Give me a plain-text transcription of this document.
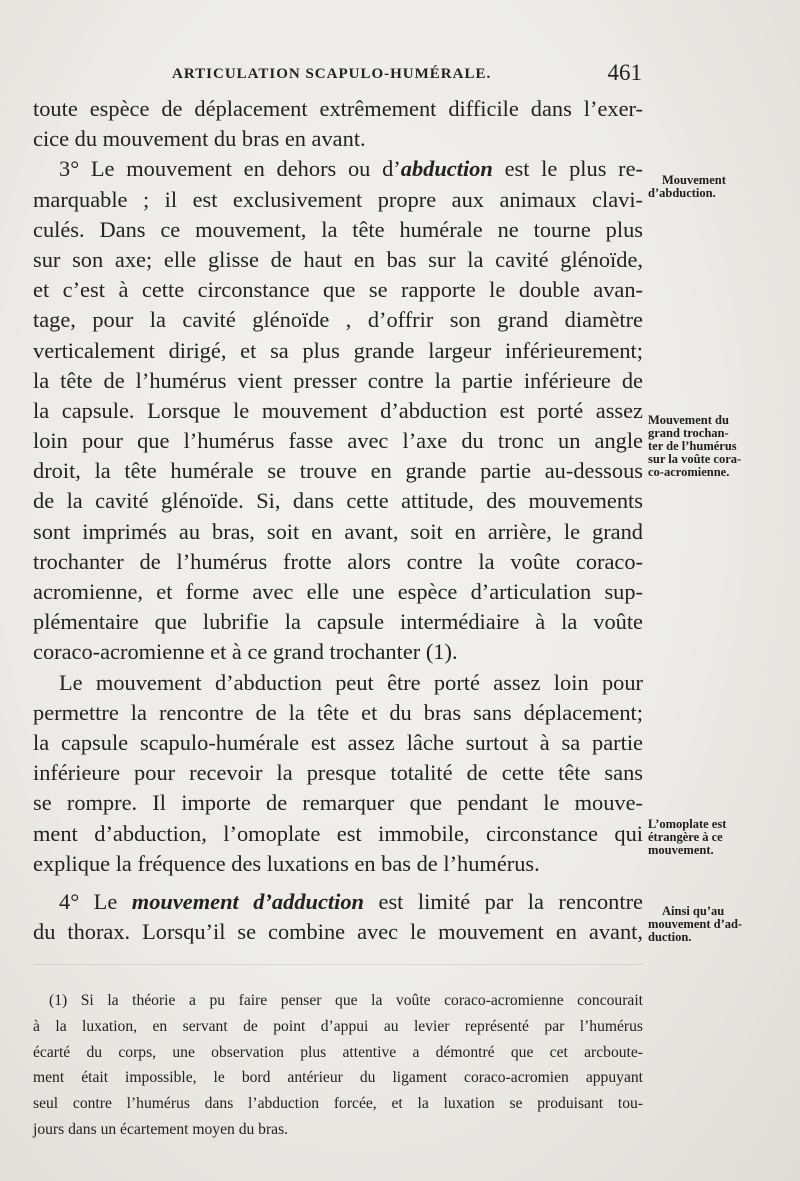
ARTICULATION SCAPULO-HUMÉRALE.	461
toute espèce de déplacement extrêmement difficile dans l’exer-
cice du mouvement du bras en avant.
3° Le mouvement en dehors ou d’abduction est le plus re-
marquable ; il est exclusivement propre aux animaux clavi-
culés. Dans ce mouvement, la tête humérale ne tourne plus
sur son axe; elle glisse de haut en bas sur la cavité glénoïde,
et c’est à cette circonstance que se rapporte le double avan-
tage, pour la cavité glénoïde , d’offrir son grand diamètre
verticalement dirigé, et sa plus grande largeur inférieurement;
la tête de l’humérus vient presser contre la partie inférieure de
la capsule. Lorsque le mouvement d’abduction est porté assez
loin pour que l’humérus fasse avec l’axe du tronc un angle
droit, la tête humérale se trouve en grande partie au-dessous
de la cavité glénoïde. Si, dans cette attitude, des mouvements
sont imprimés au bras, soit en avant, soit en arrière, le grand
trochanter de l’humérus frotte alors contre la voûte coraco-
acromienne, et forme avec elle une espèce d’articulation sup-
plémentaire que lubrifie la capsule intermédiaire à la voûte
coraco-acromienne et à ce grand trochanter (1).
Le mouvement d’abduction peut être porté assez loin pour
permettre la rencontre de la tête et du bras sans déplacement;
la capsule scapulo-humérale est assez lâche surtout à sa partie
inférieure pour recevoir la presque totalité de cette tête sans
se rompre. Il importe de remarquer que pendant le mouve-
ment d’abduction, l’omoplate est immobile, circonstance qui
explique la fréquence des luxations en bas de l’humérus.
4° Le mouvement d’adduction est limité par la rencontre
du thorax. Lorsqu’il se combine avec le mouvement en avant,
Mouvement
d’abduction.
Mouvement du
grand trochan-
ter de l’humérus
sur la voûte cora-
co-acromienne.
L’omoplate est
étrangère à ce
mouvement.
Ainsi qu’au
mouvement d’ad-
duction.
(1) Si la théorie a pu faire penser que la voûte coraco-acromienne concourait
à la luxation, en servant de point d’appui au levier représenté par l’humérus
écarté du corps, une observation plus attentive a démontré que cet arcboute-
ment était impossible, le bord antérieur du ligament coraco-acromien appuyant
seul contre l’humérus dans l’abduction forcée, et la luxation se produisant tou-
jours dans un écartement moyen du bras.
